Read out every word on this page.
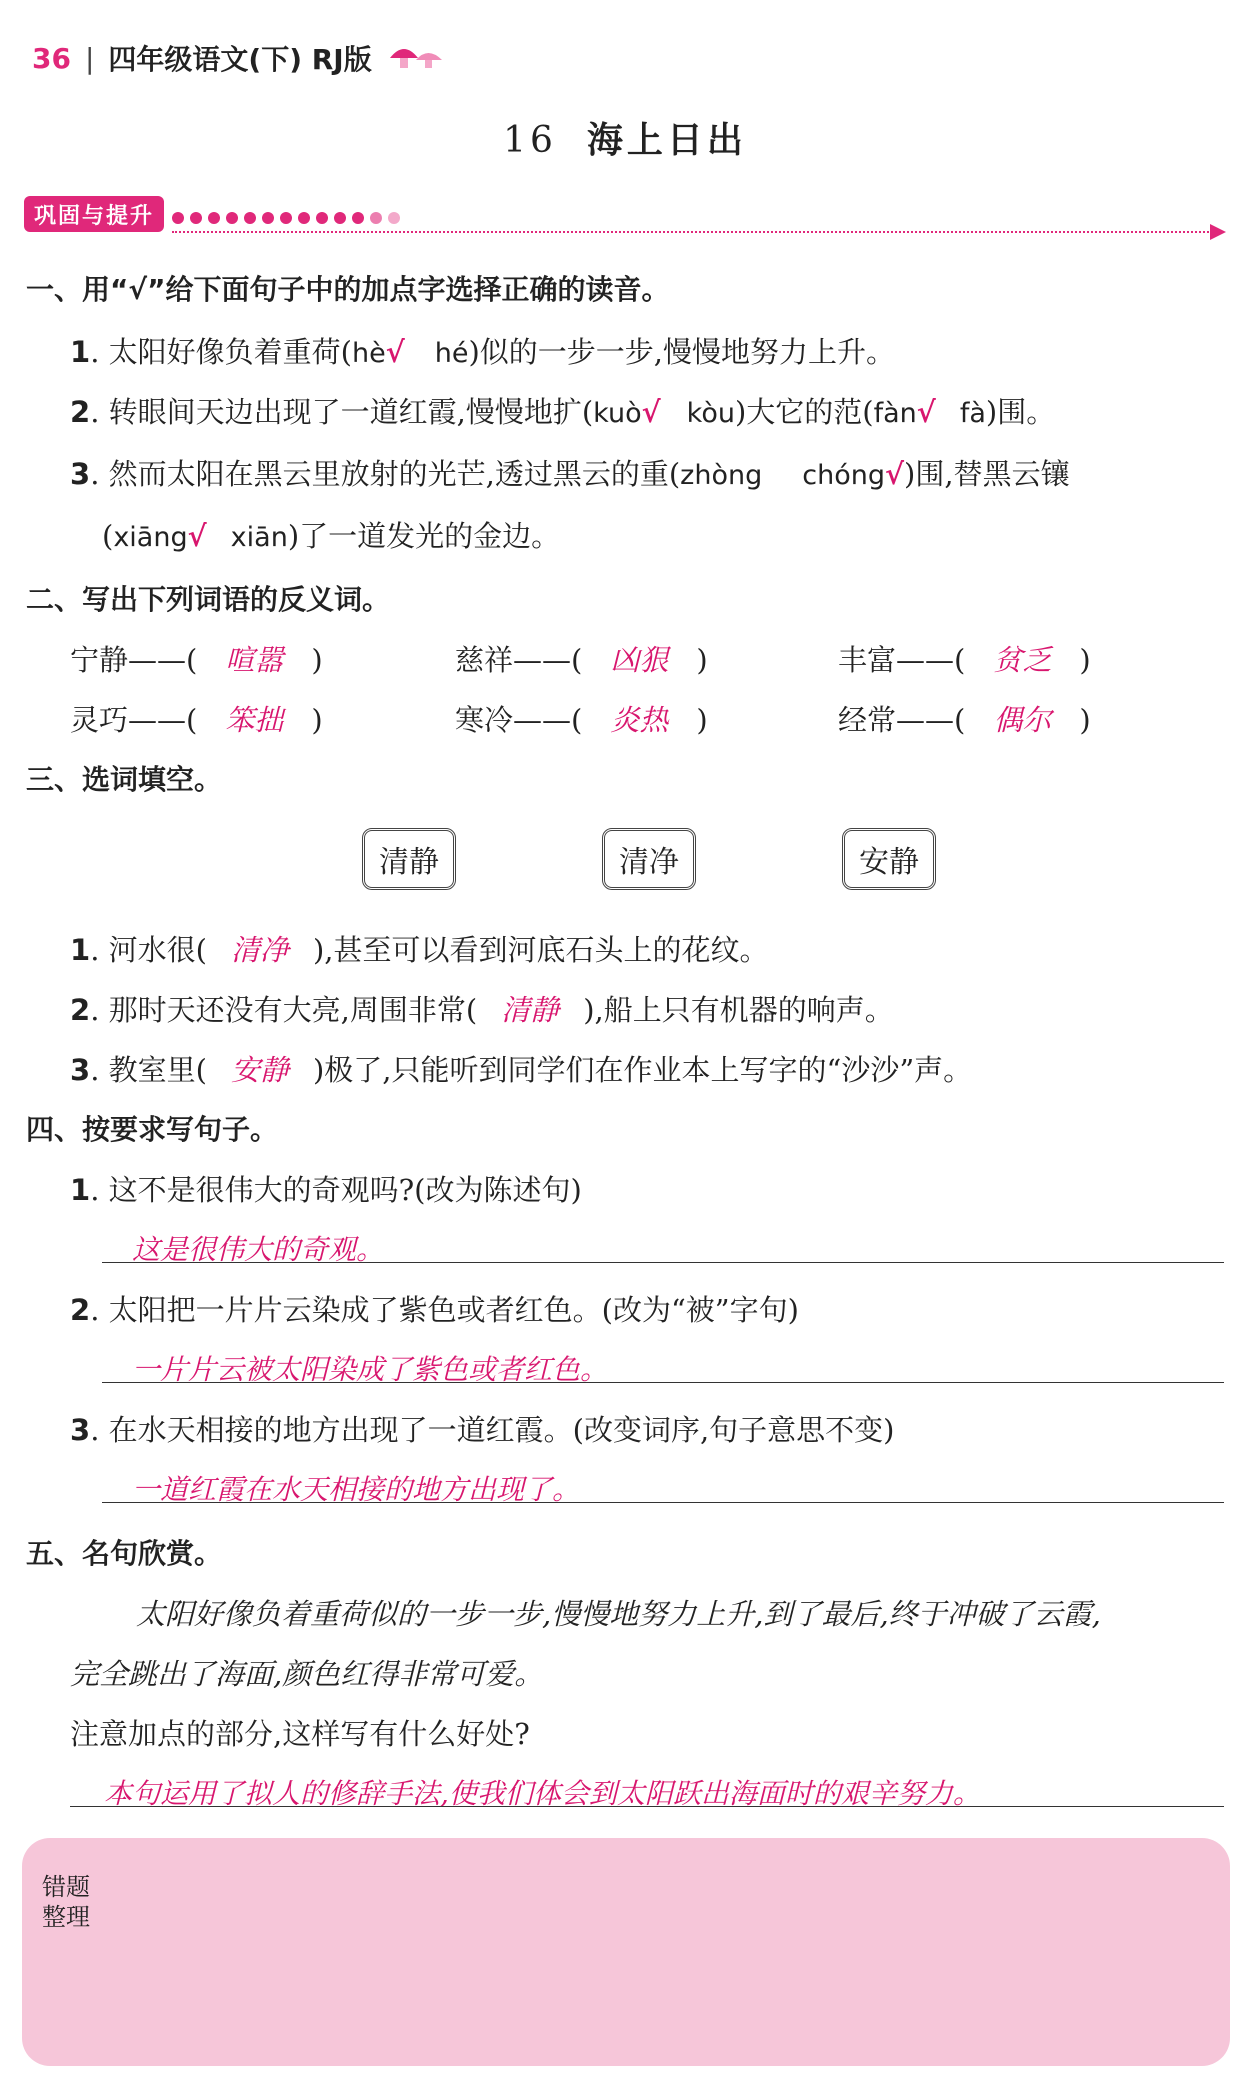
36 | 四年级语文(下) RJ版
16 海上日出
巩固与提升
一、用“√”给下面句子中的加点字选择正确的读音。
1. 太阳好像负着重荷(hè√ hé)似的一步一步,慢慢地努力上升。
2. 转眼间天边出现了一道红霞,慢慢地扩(kuò√ kòu)大它的范(fàn√ fà)围。
3. 然而太阳在黑云里放射的光芒,透过黑云的重(zhòng chóng√)围,替黑云镶
(xiāng√ xiān)了一道发光的金边。
二、写出下列词语的反义词。
宁静——( 喧嚣 )	慈祥——( 凶狠 )	丰富——( 贫乏 )
灵巧——( 笨拙 )	寒冷——( 炎热 )	经常——( 偶尔 )
三、选词填空。
清静	清净	安静
1. 河水很( 清净 ),甚至可以看到河底石头上的花纹。
2. 那时天还没有大亮,周围非常( 清静 ),船上只有机器的响声。
3. 教室里( 安静 )极了,只能听到同学们在作业本上写字的“沙沙”声。
四、按要求写句子。
1. 这不是很伟大的奇观吗?(改为陈述句)
这是很伟大的奇观。
2. 太阳把一片片云染成了紫色或者红色。(改为“被”字句)
一片片云被太阳染成了紫色或者红色。
3. 在水天相接的地方出现了一道红霞。(改变词序,句子意思不变)
一道红霞在水天相接的地方出现了。
五、名句欣赏。
太阳好像负着重荷似的一步一步,慢慢地努力上升,到了最后,终于冲破了云霞,
完全跳出了海面,颜色红得非常可爱。
注意加点的部分,这样写有什么好处?
本句运用了拟人的修辞手法,使我们体会到太阳跃出海面时的艰辛努力。
错题整理
